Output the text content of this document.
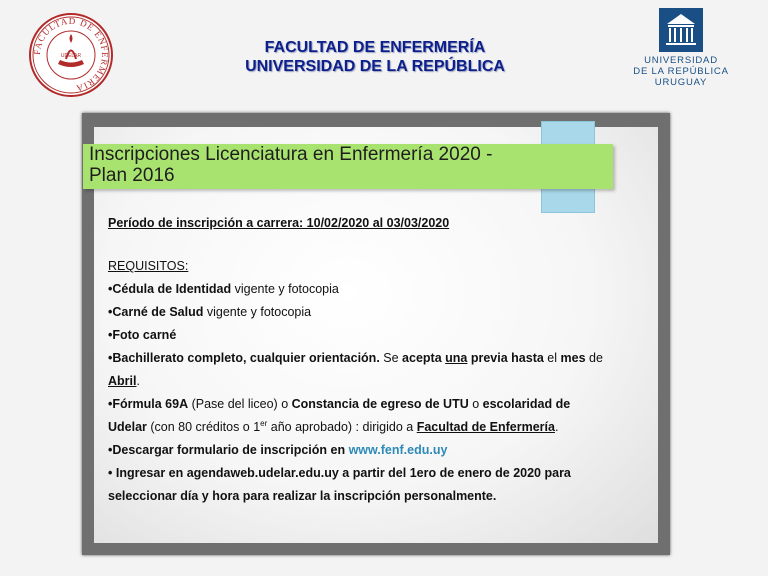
FACULTAD DE ENFERMERIA
UDELAR	FACULTAD DE ENFERMERÍA
UNIVERSIDAD DE LA REPÚBLICA	UNIVERSIDAD
DE LA REPÚBLICA
URUGUAY
Inscripciones Licenciatura en Enfermería 2020 -
Plan 2016

Período de inscripción a carrera: 10/02/2020 al 03/03/2020

REQUISITOS:

•Cédula de Identidad vigente y fotocopia

•Carné de Salud vigente y fotocopia

•Foto carné

•Bachillerato completo, cualquier orientación. Se acepta una previa hasta el mes de
Abril.

•Fórmula 69A (Pase del liceo) o Constancia de egreso de UTU o escolaridad de
Udelar (con 80 créditos o 1er año aprobado) : dirigido a Facultad de Enfermería.

•Descargar formulario de inscripción en www.fenf.edu.uy

• Ingresar en agendaweb.udelar.edu.uy a partir del 1ero de enero de 2020 para
seleccionar día y hora para realizar la inscripción personalmente.
